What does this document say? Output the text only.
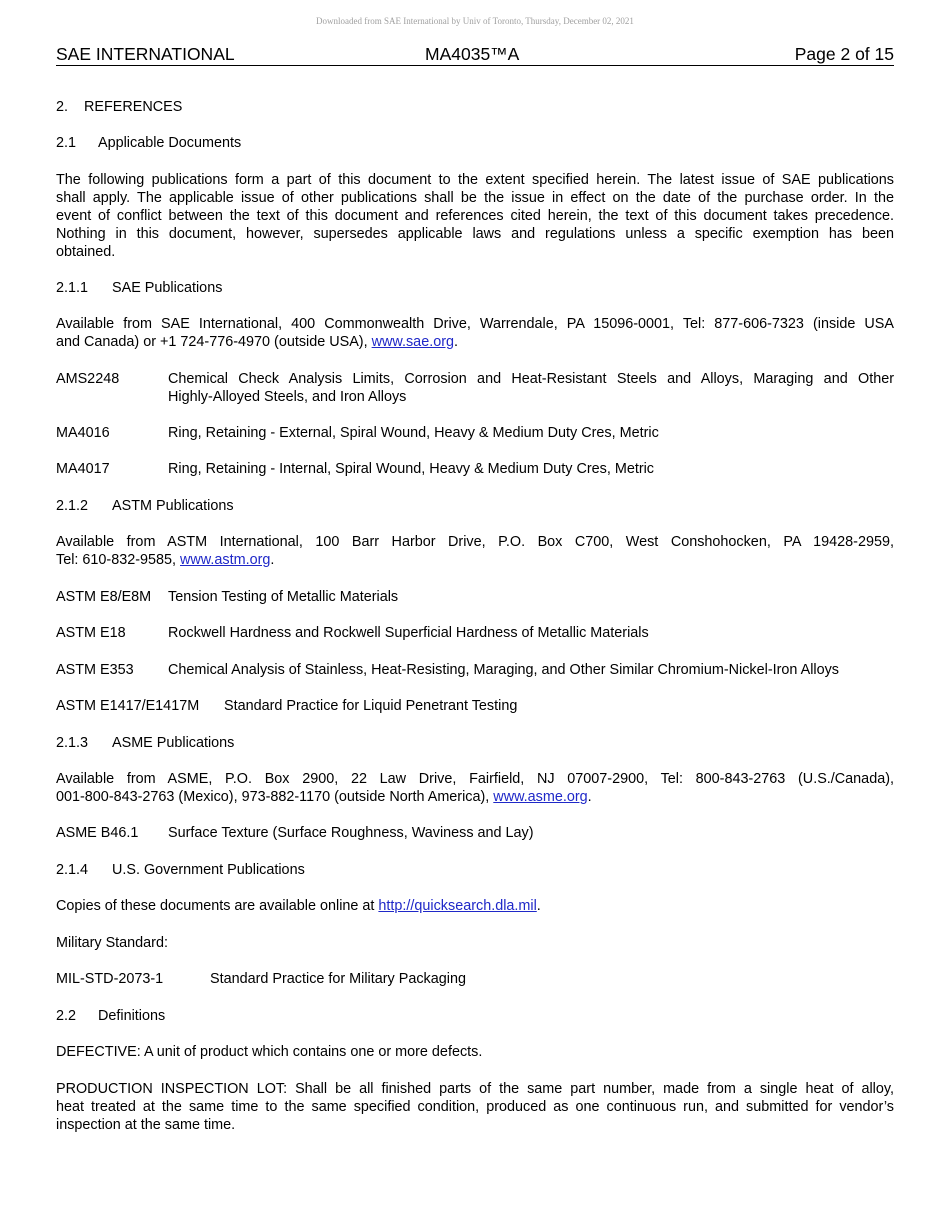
Downloaded from SAE International by Univ of Toronto, Thursday, December 02, 2021
SAE INTERNATIONAL	MA4035™A	Page 2 of 15
2. REFERENCES
2.1 Applicable Documents
The following publications form a part of this document to the extent specified herein. The latest issue of SAE publications
shall apply. The applicable issue of other publications shall be the issue in effect on the date of the purchase order. In the
event of conflict between the text of this document and references cited herein, the text of this document takes precedence.
Nothing in this document, however, supersedes applicable laws and regulations unless a specific exemption has been
obtained.
2.1.1 SAE Publications
Available from SAE International, 400 Commonwealth Drive, Warrendale, PA 15096-0001, Tel: 877-606-7323 (inside USA
and Canada) or +1 724-776-4970 (outside USA), www.sae.org.
AMS2248	Chemical Check Analysis Limits, Corrosion and Heat-Resistant Steels and Alloys, Maraging and Other
Highly-Alloyed Steels, and Iron Alloys
MA4016	Ring, Retaining - External, Spiral Wound, Heavy & Medium Duty Cres, Metric
MA4017	Ring, Retaining - Internal, Spiral Wound, Heavy & Medium Duty Cres, Metric
2.1.2 ASTM Publications
Available from ASTM International, 100 Barr Harbor Drive, P.O. Box C700, West Conshohocken, PA 19428-2959,
Tel: 610-832-9585, www.astm.org.
ASTM E8/E8M Tension Testing of Metallic Materials
ASTM E18	Rockwell Hardness and Rockwell Superficial Hardness of Metallic Materials
ASTM E353 Chemical Analysis of Stainless, Heat-Resisting, Maraging, and Other Similar Chromium-Nickel-Iron Alloys
ASTM E1417/E1417M Standard Practice for Liquid Penetrant Testing
2.1.3 ASME Publications
Available from ASME, P.O. Box 2900, 22 Law Drive, Fairfield, NJ 07007-2900, Tel: 800-843-2763 (U.S./Canada),
001-800-843-2763 (Mexico), 973-882-1170 (outside North America), www.asme.org.
ASME B46.1 Surface Texture (Surface Roughness, Waviness and Lay)
2.1.4 U.S. Government Publications
Copies of these documents are available online at http://quicksearch.dla.mil.
Military Standard:
MIL-STD-2073-1	Standard Practice for Military Packaging
2.2 Definitions
DEFECTIVE: A unit of product which contains one or more defects.
PRODUCTION INSPECTION LOT: Shall be all finished parts of the same part number, made from a single heat of alloy,
heat treated at the same time to the same specified condition, produced as one continuous run, and submitted for vendor’s
inspection at the same time.
